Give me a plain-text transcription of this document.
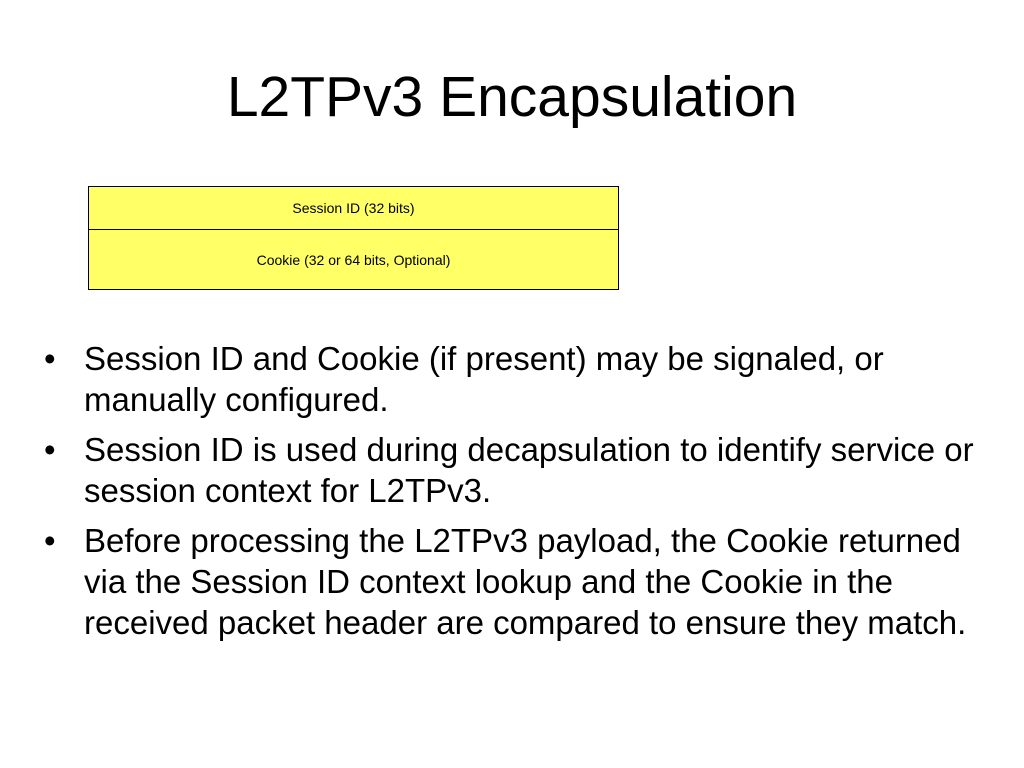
L2TPv3 Encapsulation
Session ID (32 bits)
Cookie (32 or 64 bits, Optional)
• Session ID and Cookie (if present) may be signaled, or manually configured.
• Session ID is used during decapsulation to identify service or session context for L2TPv3.
• Before processing the L2TPv3 payload, the Cookie returned via the Session ID context lookup and the Cookie in the received packet header are compared to ensure they match.
